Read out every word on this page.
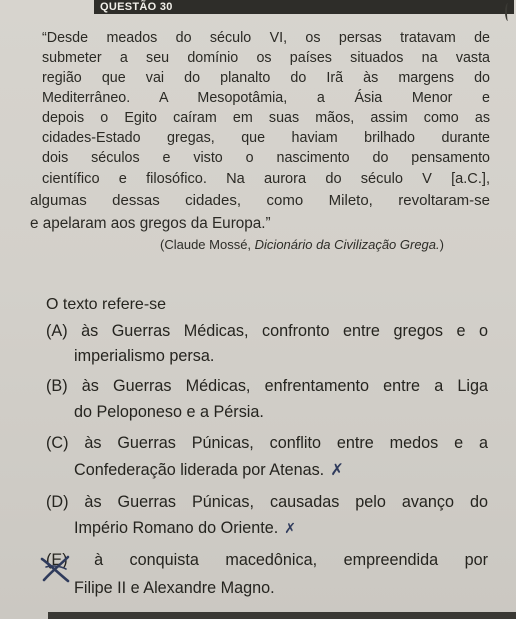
QUESTÃO 30
“Desde meados do século VI, os persas tratavam de
submeter a seu domínio os países situados na vasta
região que vai do planalto do Irã às margens do
Mediterrâneo. A Mesopotâmia, a Ásia Menor e
depois o Egito caíram em suas mãos, assim como as
cidades-Estado gregas, que haviam brilhado durante
dois séculos e visto o nascimento do pensamento
científico e filosófico. Na aurora do século V [a.C.],
algumas dessas cidades, como Mileto, revoltaram-se
e apelaram aos gregos da Europa.”
(Claude Mossé, Dicionário da Civilização Grega.)
O texto refere-se
(A) às Guerras Médicas, confronto entre gregos e o
imperialismo persa.
(B) às Guerras Médicas, enfrentamento entre a Liga
do Peloponeso e a Pérsia.
(C) às Guerras Púnicas, conflito entre medos e a
Confederação liderada por Atenas. ✗
(D) às Guerras Púnicas, causadas pelo avanço do
Império Romano do Oriente. ✗
(E) à conquista macedônica, empreendida por
Filipe II e Alexandre Magno.
